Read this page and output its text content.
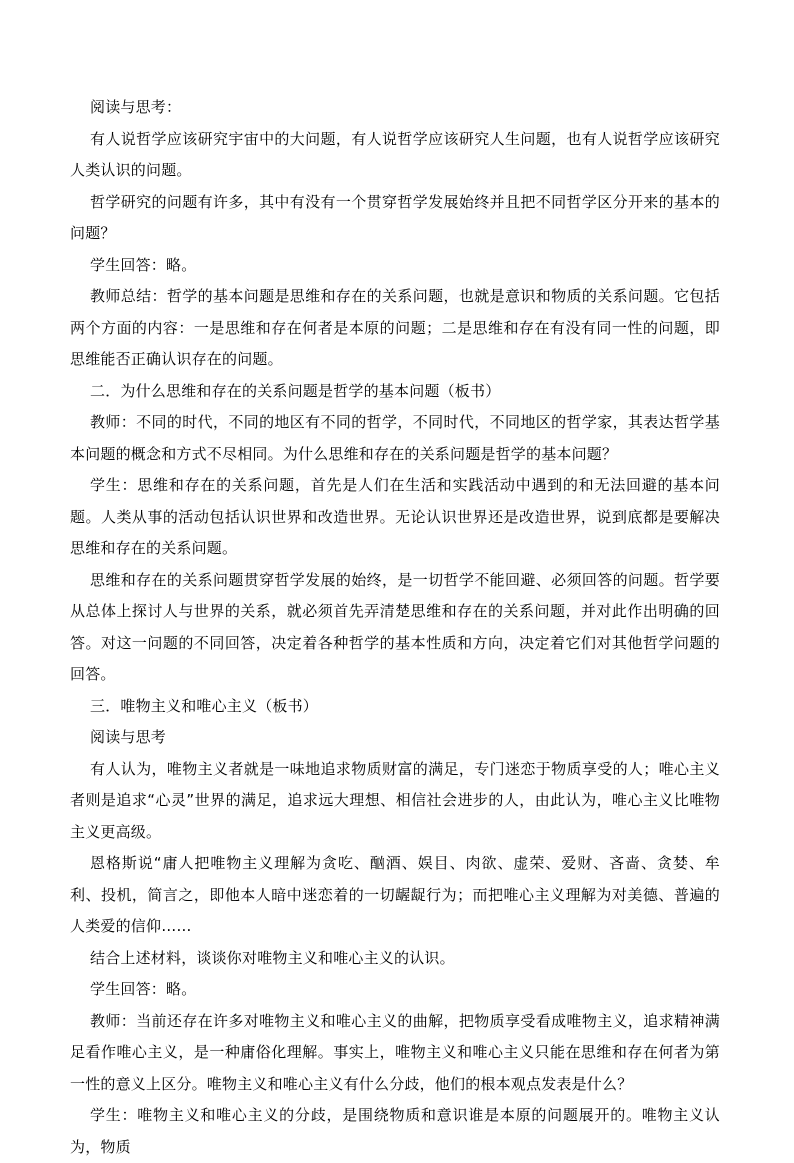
阅读与思考：

有人说哲学应该研究宇宙中的大问题，有人说哲学应该研究人生问题，也有人说哲学应该研究人类认识的问题。

哲学研究的问题有许多，其中有没有一个贯穿哲学发展始终并且把不同哲学区分开来的基本的问题？

学生回答：略。

教师总结：哲学的基本问题是思维和存在的关系问题，也就是意识和物质的关系问题。它包括两个方面的内容：一是思维和存在何者是本原的问题；二是思维和存在有没有同一性的问题，即思维能否正确认识存在的问题。

二．为什么思维和存在的关系问题是哲学的基本问题（板书）

教师：不同的时代，不同的地区有不同的哲学，不同时代，不同地区的哲学家，其表达哲学基本问题的概念和方式不尽相同。为什么思维和存在的关系问题是哲学的基本问题？

学生：思维和存在的关系问题，首先是人们在生活和实践活动中遇到的和无法回避的基本问题。人类从事的活动包括认识世界和改造世界。无论认识世界还是改造世界，说到底都是要解决思维和存在的关系问题。

思维和存在的关系问题贯穿哲学发展的始终，是一切哲学不能回避、必须回答的问题。哲学要从总体上探讨人与世界的关系，就必须首先弄清楚思维和存在的关系问题，并对此作出明确的回答。对这一问题的不同回答，决定着各种哲学的基本性质和方向，决定着它们对其他哲学问题的回答。

三．唯物主义和唯心主义（板书）

阅读与思考

有人认为，唯物主义者就是一味地追求物质财富的满足，专门迷恋于物质享受的人；唯心主义者则是追求“心灵”世界的满足，追求远大理想、相信社会进步的人，由此认为，唯心主义比唯物主义更高级。

恩格斯说“庸人把唯物主义理解为贪吃、酗酒、娱目、肉欲、虚荣、爱财、吝啬、贪婪、牟利、投机，简言之，即他本人暗中迷恋着的一切龌龊行为；而把唯心主义理解为对美德、普遍的人类爱的信仰……

结合上述材料，谈谈你对唯物主义和唯心主义的认识。

学生回答：略。

教师：当前还存在许多对唯物主义和唯心主义的曲解，把物质享受看成唯物主义，追求精神满足看作唯心主义，是一种庸俗化理解。事实上，唯物主义和唯心主义只能在思维和存在何者为第一性的意义上区分。唯物主义和唯心主义有什么分歧，他们的根本观点发表是什么？

学生：唯物主义和唯心主义的分歧，是围绕物质和意识谁是本原的问题展开的。唯物主义认为，物质
